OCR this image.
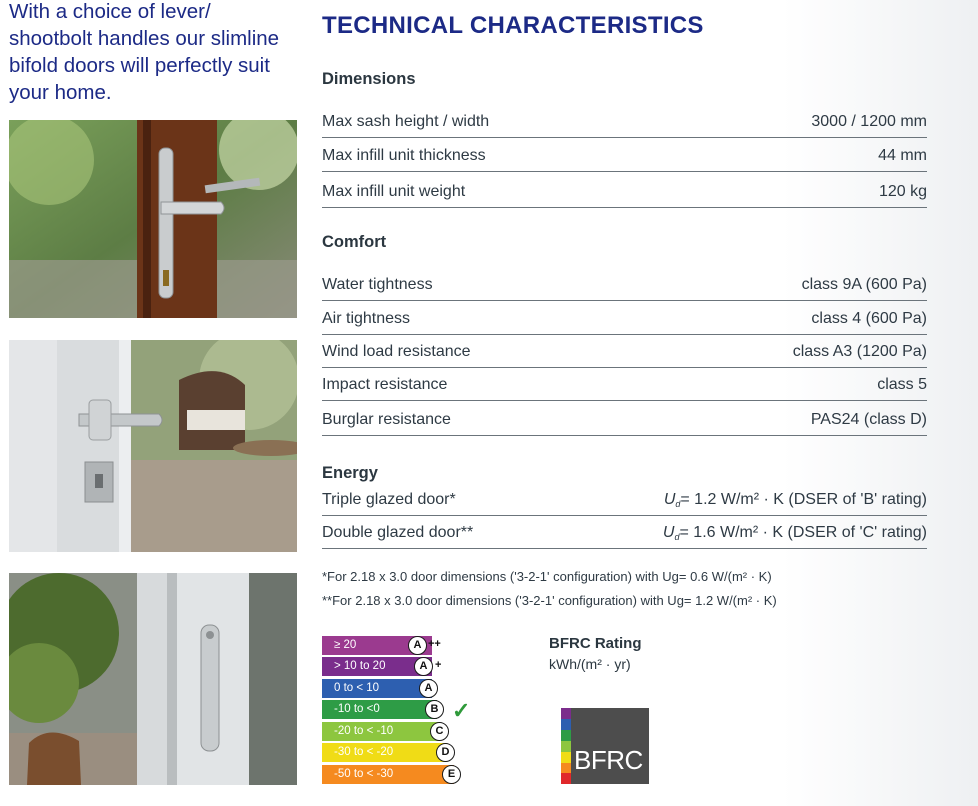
With a choice of lever/ shootbolt handles our slimline bifold doors will perfectly suit your home.
TECHNICAL CHARACTERISTICS
Dimensions
Max sash height / width	3000 / 1200 mm
Max infill unit thickness	44 mm
Max infill unit weight	120 kg
Comfort
Water tightness	class 9A (600 Pa)
Air tightness	class 4 (600 Pa)
Wind load resistance	class A3 (1200 Pa)
Impact resistance	class 5
Burglar resistance	PAS24 (class D)
Energy
Triple glazed door*	Ud= 1.2 W/m² · K (DSER of 'B' rating)
Double glazed door**	Ud= 1.6 W/m² · K (DSER of 'C' rating)
*For 2.18 x 3.0 door dimensions ('3-2-1' configuration) with Ug= 0.6 W/(m² · K)
**For 2.18 x 3.0 door dimensions ('3-2-1' configuration) with Ug= 1.2 W/(m² · K)
≥ 20
> 10 to 20
0 to < 10
-10 to <0
-20 to < -10
-30 to < -20
-50 to < -30
A ++
A +
A
B
C
D
E
✓
BFRC Rating
kWh/(m² · yr)
BFRC
